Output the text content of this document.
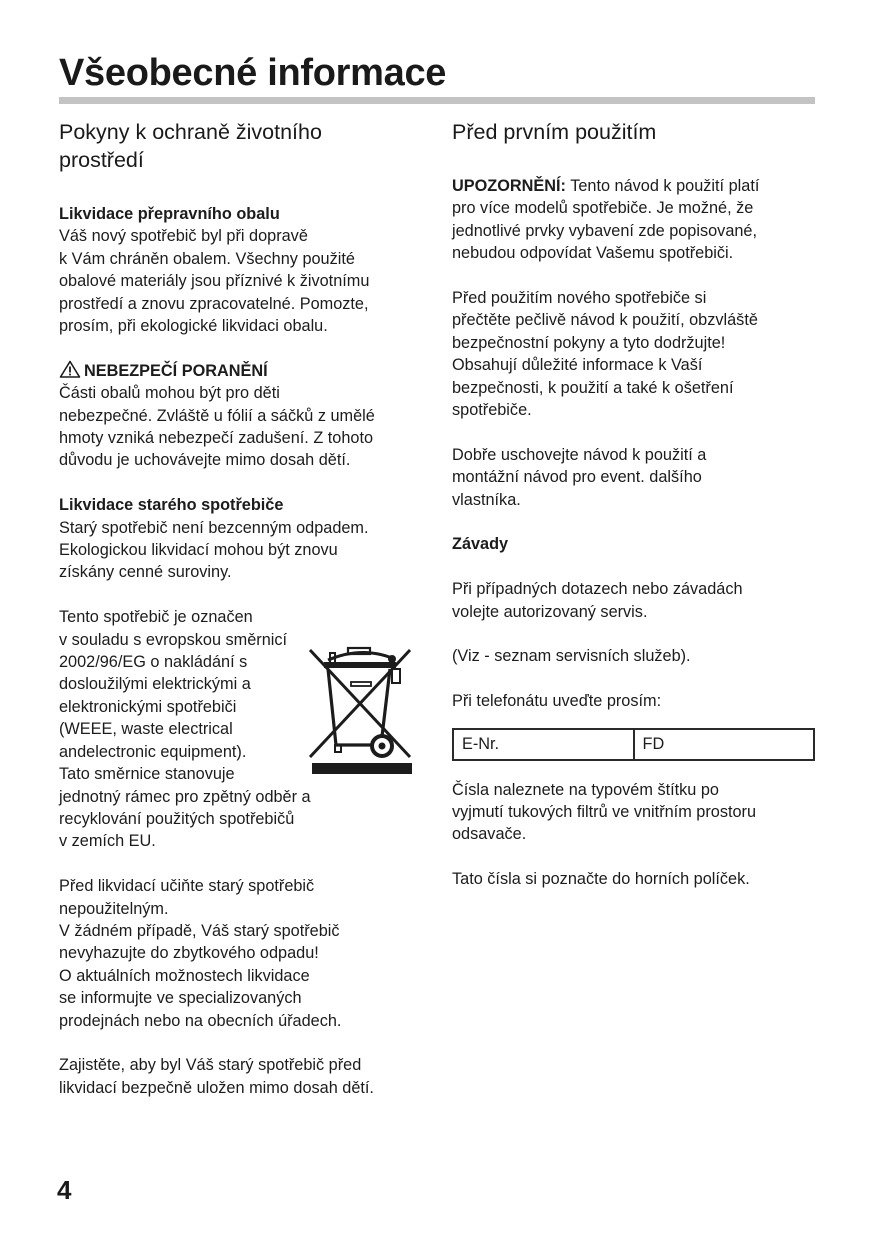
Všeobecné informace
Pokyny k ochraně životního
prostředí

Likvidace přepravního obalu

Váš nový spotřebič byl při dopravě

k Vám chráněn obalem. Všechny použité

obalové materiály jsou příznivé k životnímu

prostředí a znovu zpracovatelné. Pomozte,

prosím, při ekologické likvidaci obalu.

NEBEZPEČÍ PORANĚNÍ

Části obalů mohou být pro děti

nebezpečné. Zvláště u fólií a sáčků z umělé

hmoty vzniká nebezpečí zadušení. Z tohoto

důvodu je uchovávejte mimo dosah dětí.

Likvidace starého spotřebiče

Starý spotřebič není bezcenným odpadem.

Ekologickou likvidací mohou být znovu

získány cenné suroviny.

Tento spotřebič je označen

v souladu s evropskou směrnicí

2002/96/EG o nakládání s

dosloužilými elektrickými a

elektronickými spotřebiči

(WEEE, waste electrical

andelectronic equipment).

Tato směrnice stanovuje

jednotný rámec pro zpětný odběr a

recyklování použitých spotřebičů

v zemích EU.

Před likvidací učiňte starý spotřebič

nepoužitelným.

V žádném případě, Váš starý spotřebič

nevyhazujte do zbytkového odpadu!

O aktuálních možnostech likvidace

se informujte ve specializovaných

prodejnách nebo na obecních úřadech.

Zajistěte, aby byl Váš starý spotřebič před

likvidací bezpečně uložen mimo dosah dětí.

Před prvním použitím

UPOZORNĚNÍ: Tento návod k použití platí

pro více modelů spotřebiče. Je možné, že

jednotlivé prvky vybavení zde popisované,

nebudou odpovídat Vašemu spotřebiči.

Před použitím nového spotřebiče si

přečtěte pečlivě návod k použití, obzvláště

bezpečnostní pokyny a tyto dodržujte!

Obsahují důležité informace k Vaší

bezpečnosti, k použití a také k ošetření

spotřebiče.

Dobře uschovejte návod k použití a

montážní návod pro event. dalšího

vlastníka.

Závady

Při případných dotazech nebo závadách

volejte autorizovaný servis.

(Viz - seznam servisních služeb).

Při telefonátu uveďte prosím:

E-Nr.	FD

Čísla naleznete na typovém štítku po

vyjmutí tukových filtrů ve vnitřním prostoru

odsavače.

Tato čísla si poznačte do horních políček.

4
